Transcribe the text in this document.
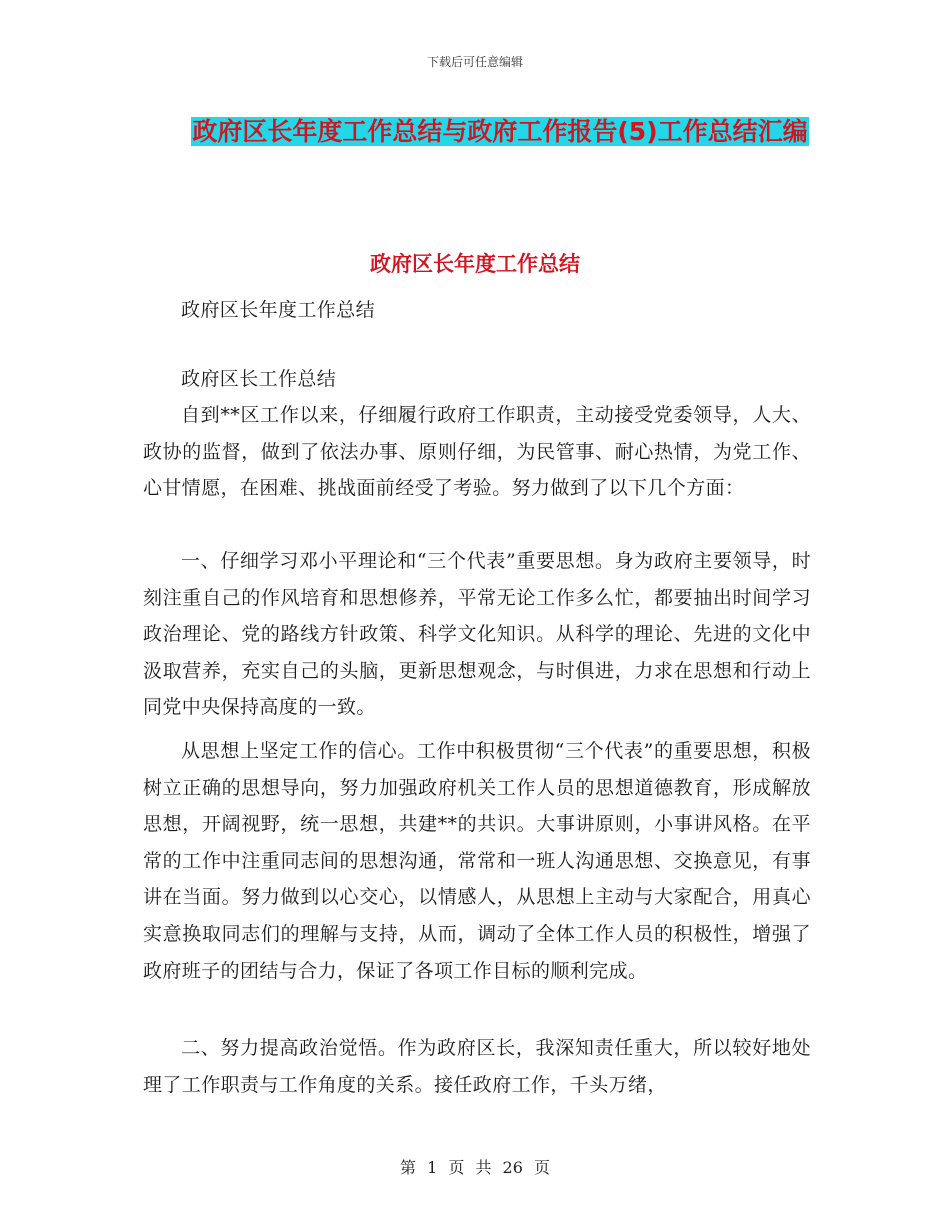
下载后可任意编辑
政府区长年度工作总结与政府工作报告(5)工作总结汇编
政府区长年度工作总结

政府区长年度工作总结

政府区长工作总结

自到**区工作以来，仔细履行政府工作职责，主动接受党委领导，人大、政协的监督，做到了依法办事、原则仔细，为民管事、耐心热情，为党工作、心甘情愿，在困难、挑战面前经受了考验。努力做到了以下几个方面：

一、仔细学习邓小平理论和“三个代表”重要思想。身为政府主要领导，时刻注重自己的作风培育和思想修养，平常无论工作多么忙，都要抽出时间学习政治理论、党的路线方针政策、科学文化知识。从科学的理论、先进的文化中汲取营养，充实自己的头脑，更新思想观念，与时俱进，力求在思想和行动上同党中央保持高度的一致。

从思想上坚定工作的信心。工作中积极贯彻“三个代表”的重要思想，积极树立正确的思想导向，努力加强政府机关工作人员的思想道德教育，形成解放思想，开阔视野，统一思想，共建**的共识。大事讲原则，小事讲风格。在平常的工作中注重同志间的思想沟通，常常和一班人沟通思想、交换意见，有事讲在当面。努力做到以心交心，以情感人，从思想上主动与大家配合，用真心实意换取同志们的理解与支持，从而，调动了全体工作人员的积极性，增强了政府班子的团结与合力，保证了各项工作目标的顺利完成。

二、努力提高政治觉悟。作为政府区长，我深知责任重大，所以较好地处理了工作职责与工作角度的关系。接任政府工作，千头万绪，

第 1 页 共 26 页
